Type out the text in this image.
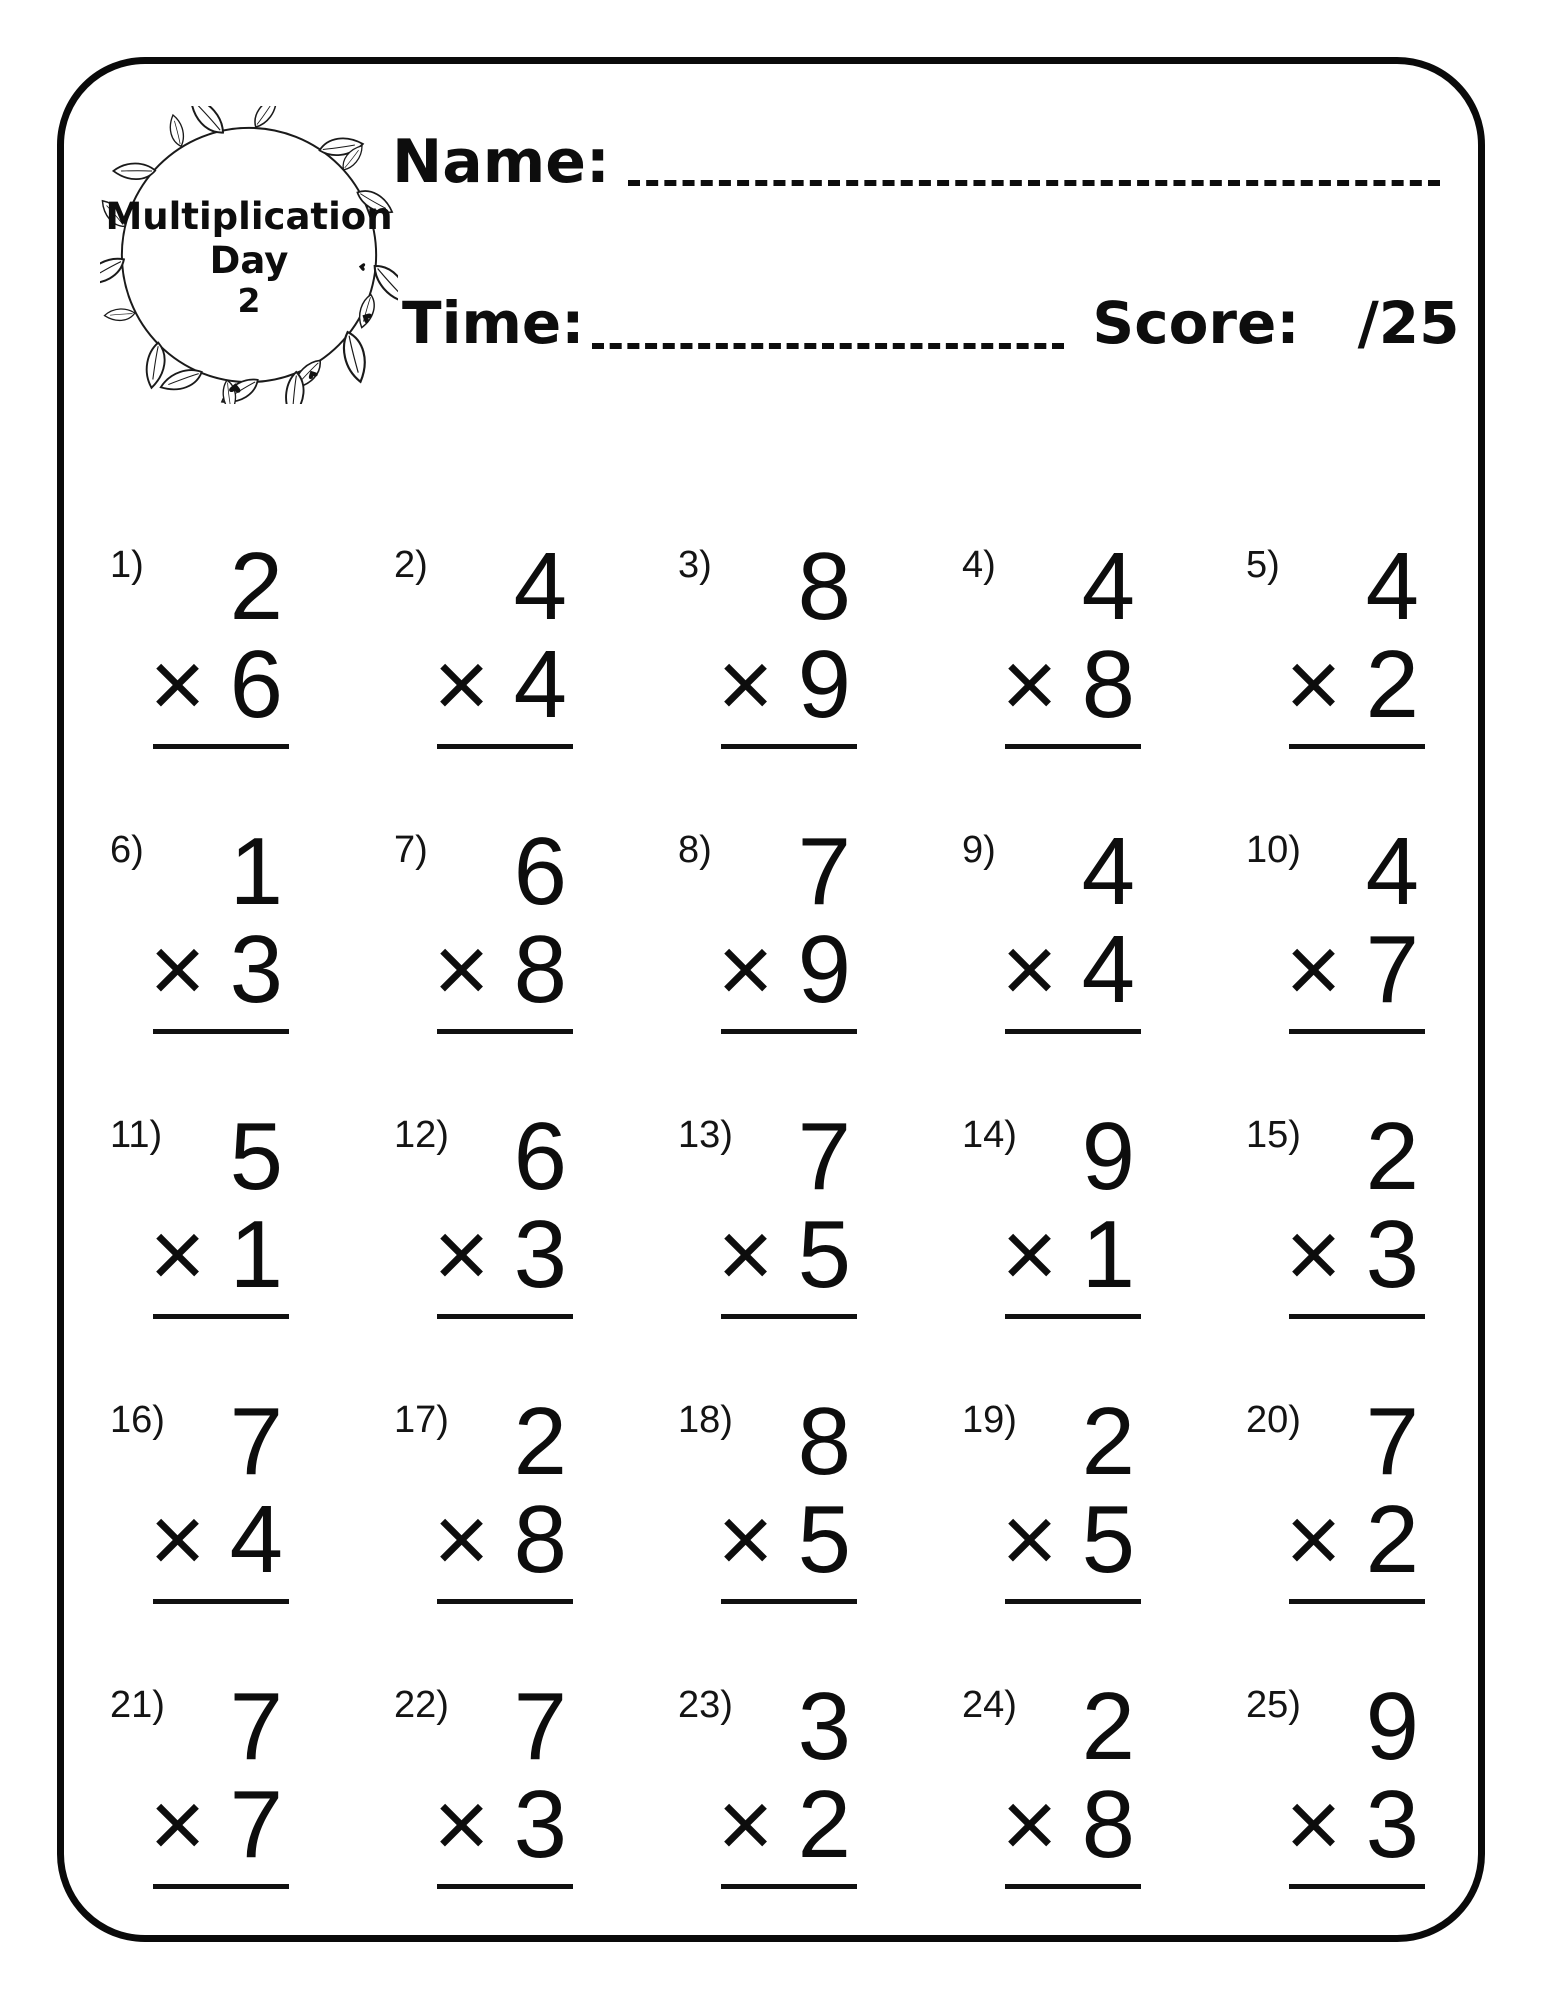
Multiplication
Day
2
Name:
Time:	Score: /25
1) 2
× 6
2) 4
× 4
3) 8
× 9
4) 4
× 8
5) 4
× 2
6) 1
× 3
7) 6
× 8
8) 7
× 9
9) 4
× 4
10) 4
× 7
11) 5
× 1
12) 6
× 3
13) 7
× 5
14) 9
× 1
15) 2
× 3
16) 7
× 4
17) 2
× 8
18) 8
× 5
19) 2
× 5
20) 7
× 2
21) 7
× 7
22) 7
× 3
23) 3
× 2
24) 2
× 8
25) 9
× 3
